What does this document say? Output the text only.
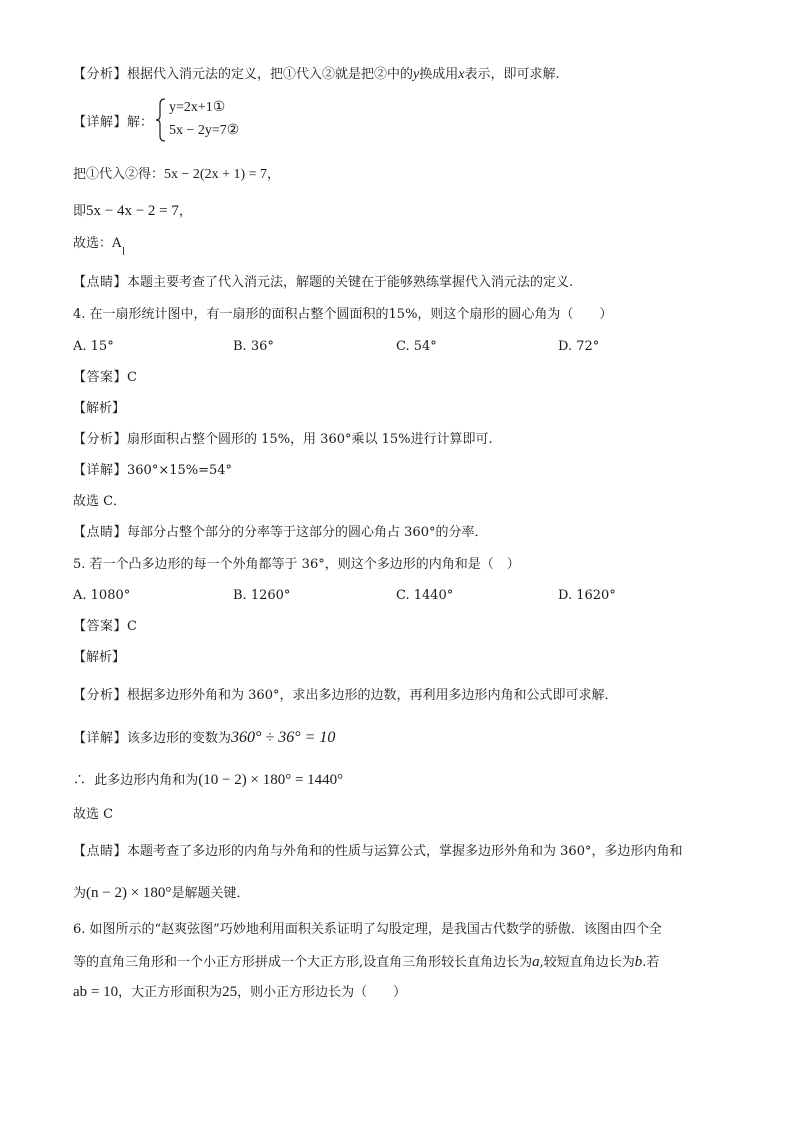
【分析】根据代入消元法的定义，把①代入②就是把②中的y换成用x表示，即可求解.
【详解】解：
y=2x+1①
5x − 2y=7②
把①代入②得：5x − 2(2x + 1) = 7，
即5x − 4x − 2 = 7，
故选：A
【点睛】本题主要考查了代入消元法，解题的关键在于能够熟练掌握代入消元法的定义.
4. 在一扇形统计图中，有一扇形的面积占整个圆面积的15%，则这个扇形的圆心角为（　　）
A. 15°	B. 36°	C. 54°	D. 72°
【答案】C
【解析】
【分析】扇形面积占整个圆形的 15%，用 360°乘以 15%进行计算即可.
【详解】360°×15%=54°
故选 C．
【点睛】每部分占整个部分的分率等于这部分的圆心角占 360°的分率．
5. 若一个凸多边形的每一个外角都等于 36°，则这个多边形的内角和是（　）
A. 1080°	B. 1260°	C. 1440°	D. 1620°
【答案】C
【解析】
【分析】根据多边形外角和为 360°，求出多边形的边数，再利用多边形内角和公式即可求解．
【详解】该多边形的变数为360° ÷ 36° = 10
∴ 此多边形内角和为(10 − 2) × 180° = 1440°
故选 C
【点睛】本题考查了多边形的内角与外角和的性质与运算公式，掌握多边形外角和为 360°，多边形内角和
为(n − 2) × 180°是解题关键．
6. 如图所示的“赵爽弦图”巧妙地利用面积关系证明了勾股定理，是我国古代数学的骄傲．该图由四个全
等的直角三角形和一个小正方形拼成一个大正方形,设直角三角形较长直角边长为a,较短直角边长为b.若
ab = 10，大正方形面积为25，则小正方形边长为（　　）
